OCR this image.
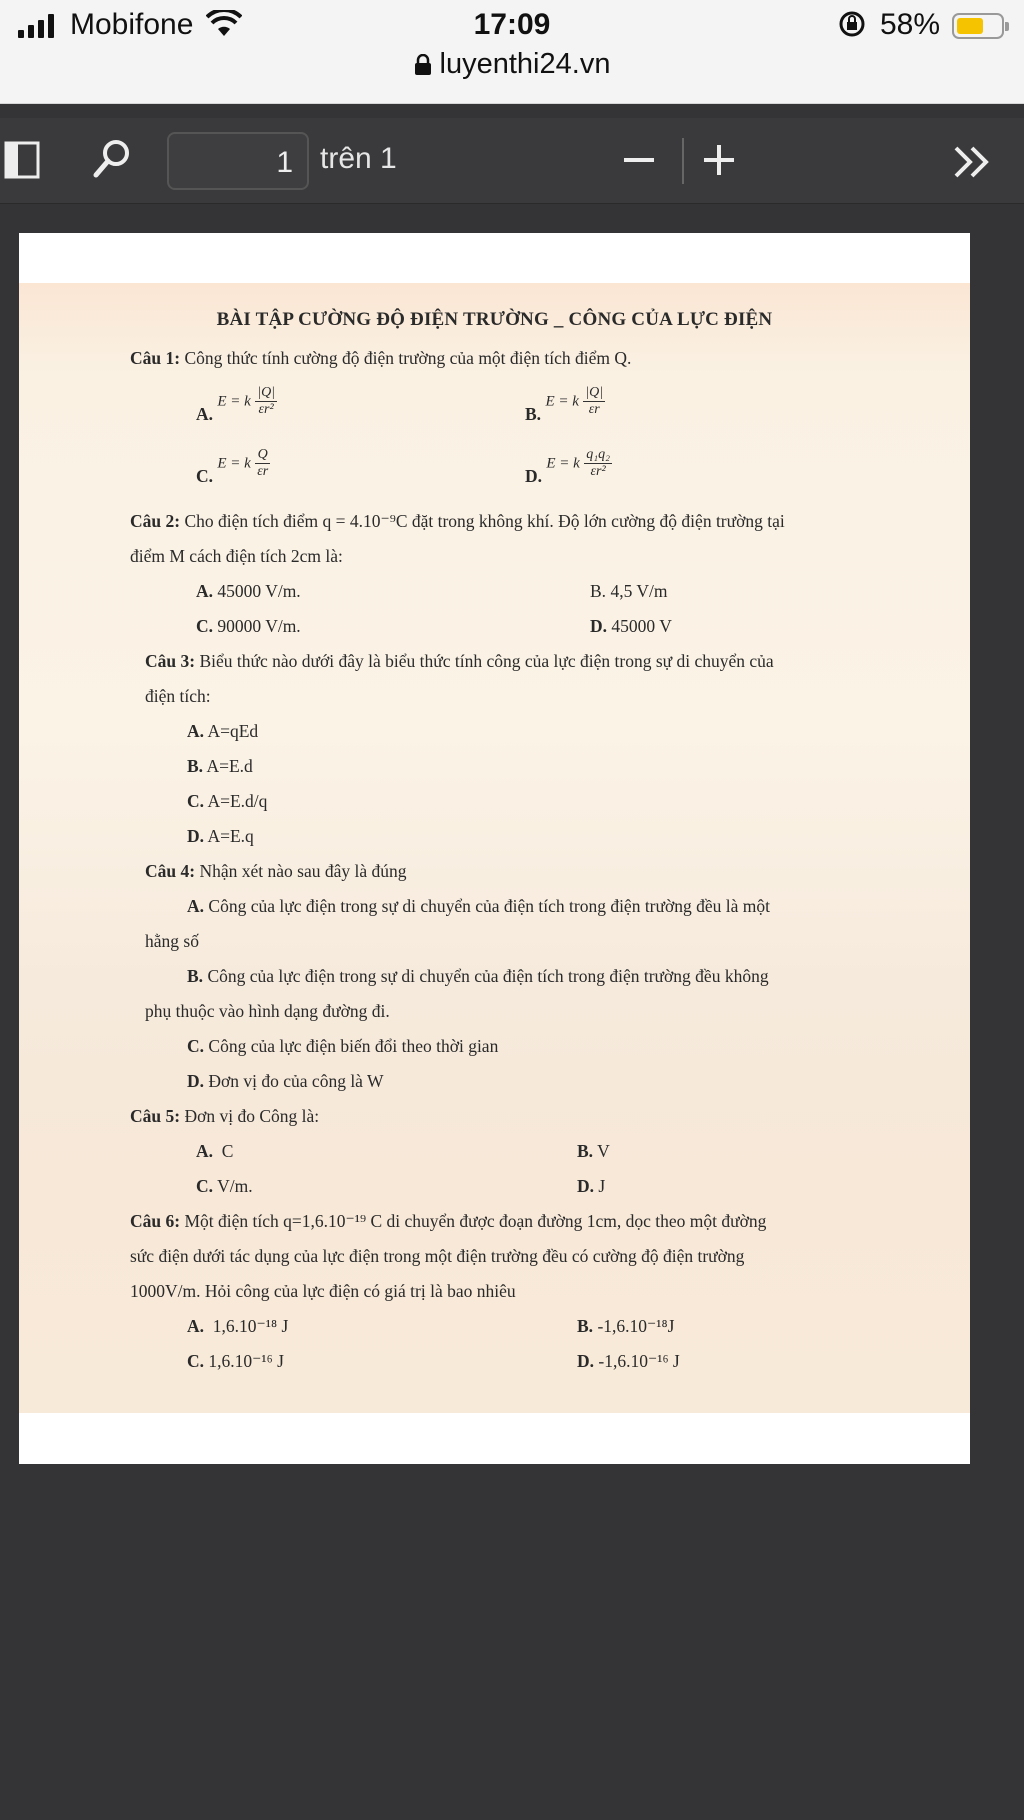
Mobifone	17:09	58%
luyenthi24.vn
1 trên 1
BÀI TẬP CƯỜNG ĐỘ ĐIỆN TRƯỜNG _ CÔNG CỦA LỰC ĐIỆN
Câu 1: Công thức tính cường độ điện trường của một điện tích điểm Q.
A. E = k $\frac{|Q|}{\text{εr²}}$	B. E = k $\frac{|Q|}{\varepsilon r}$
C. E = k $\frac{Q}{\varepsilon r}$	D. E = k $\frac{\text{q₁q₂}}{\text{εr²}}$
Câu 2: Cho điện tích điểm q = 4.10⁻⁹C đặt trong không khí. Độ lớn cường độ điện trường tại
điểm M cách điện tích 2cm là:
A. 45000 V/m.	B. 4,5 V/m
C. 90000 V/m.	D. 45000 V
Câu 3: Biểu thức nào dưới đây là biểu thức tính công của lực điện trong sự di chuyển của
điện tích:
A. A=qEd
B. A=E.d
C. A=E.d/q
D. A=E.q
Câu 4: Nhận xét nào sau đây là đúng
A. Công của lực điện trong sự di chuyển của điện tích trong điện trường đều là một
hằng số
B. Công của lực điện trong sự di chuyển của điện tích trong điện trường đều không
phụ thuộc vào hình dạng đường đi.
C. Công của lực điện biến đổi theo thời gian
D. Đơn vị đo của công là W
Câu 5: Đơn vị đo Công là:
A. C	B. V
C. V/m.	D. J
Câu 6: Một điện tích q=1,6.10⁻¹⁹ C di chuyển được đoạn đường 1cm, dọc theo một đường
sức điện dưới tác dụng của lực điện trong một điện trường đều có cường độ điện trường
1000V/m. Hỏi công của lực điện có giá trị là bao nhiêu
A. 1,6.10⁻¹⁸ J	B. -1,6.10⁻¹⁸J
C. 1,6.10⁻¹⁶ J	D. -1,6.10⁻¹⁶ J
